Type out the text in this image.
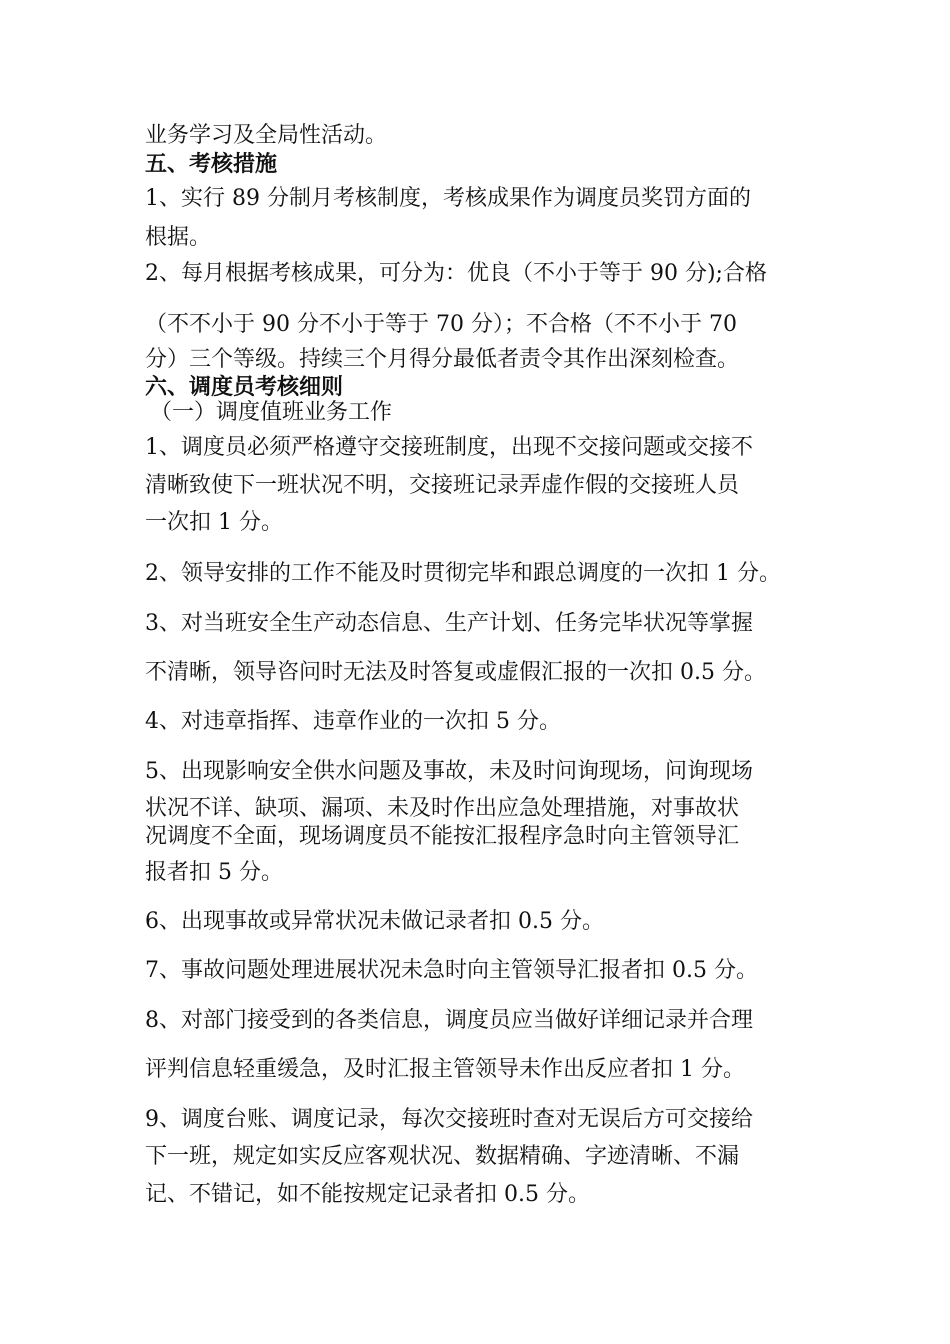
业务学习及全局性活动。

五、考核措施

1、实行 89 分制月考核制度，考核成果作为调度员奖罚方面的

根据。

2、每月根据考核成果，可分为：优良（不小于等于 90 分);合格

（不不小于 90 分不小于等于 70 分）；不合格（不不小于 70

分）三个等级。持续三个月得分最低者责令其作出深刻检查。

六、调度员考核细则

（一）调度值班业务工作

1、调度员必须严格遵守交接班制度，出现不交接问题或交接不

清晰致使下一班状况不明，交接班记录弄虚作假的交接班人员

一次扣 1 分。

2、领导安排的工作不能及时贯彻完毕和跟总调度的一次扣 1 分。

3、对当班安全生产动态信息、生产计划、任务完毕状况等掌握

不清晰，领导咨问时无法及时答复或虚假汇报的一次扣 0.5 分。

4、对违章指挥、违章作业的一次扣 5 分。

5、出现影响安全供水问题及事故，未及时问询现场，问询现场

状况不详、缺项、漏项、未及时作出应急处理措施，对事故状

况调度不全面，现场调度员不能按汇报程序急时向主管领导汇

报者扣 5 分。

6、出现事故或异常状况未做记录者扣 0.5 分。

7、事故问题处理进展状况未急时向主管领导汇报者扣 0.5 分。

8、对部门接受到的各类信息，调度员应当做好详细记录并合理

评判信息轻重缓急，及时汇报主管领导未作出反应者扣 1 分。

9、调度台账、调度记录，每次交接班时查对无误后方可交接给

下一班，规定如实反应客观状况、数据精确、字迹清晰、不漏

记、不错记，如不能按规定记录者扣 0.5 分。
